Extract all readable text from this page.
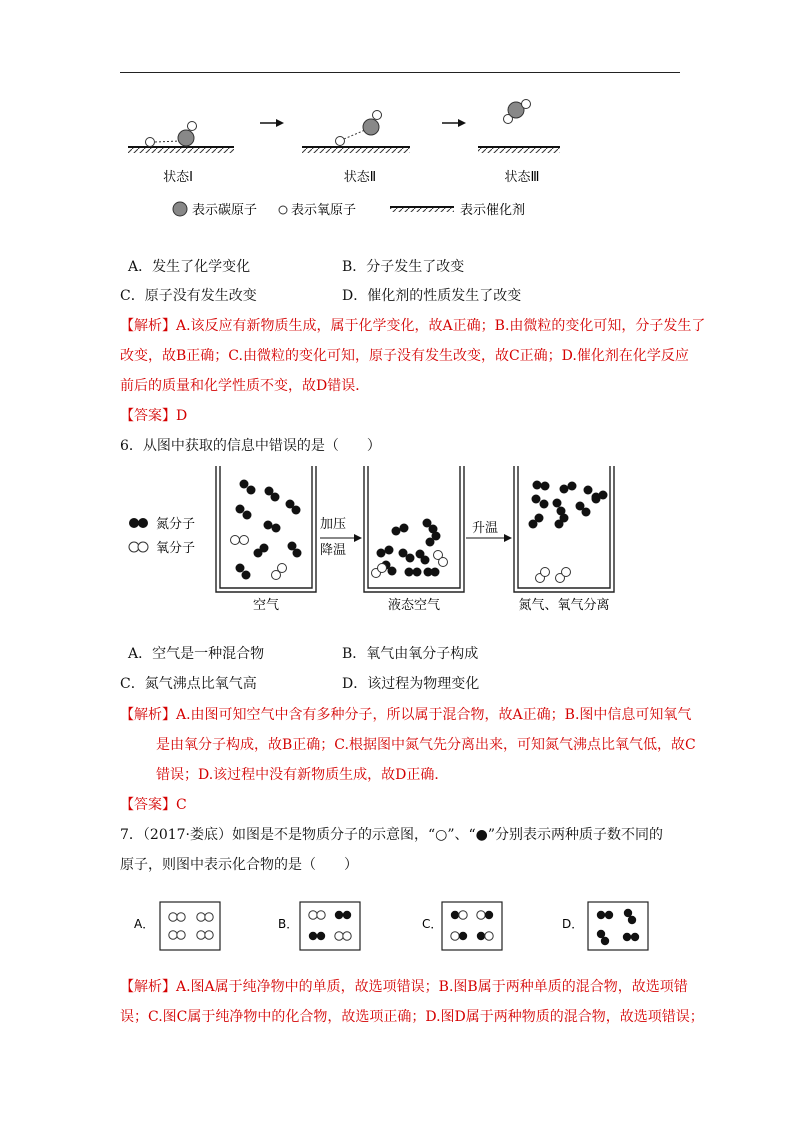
状态Ⅰ	状态Ⅱ	状态Ⅲ
表示碳原子	表示氧原子	表示催化剂
A．发生了化学变化	B．分子发生了改变
C．原子没有发生改变	D．催化剂的性质发生了改变
【解析】A.该反应有新物质生成，属于化学变化，故A正确；B.由微粒的变化可知，分子发生了
改变，故B正确；C.由微粒的变化可知，原子没有发生改变，故C正确；D.催化剂在化学反应
前后的质量和化学性质不变，故D错误．
【答案】D
6．从图中获取的信息中错误的是（　　）
氮分子
氧分子
加压
降温
升温
空气	液态空气	氮气、氧气分离
A．空气是一种混合物	B．氧气由氧分子构成
C．氮气沸点比氧气高	D．该过程为物理变化
【解析】A.由图可知空气中含有多种分子，所以属于混合物，故A正确；B.图中信息可知氧气
是由氧分子构成，故B正确；C.根据图中氮气先分离出来，可知氮气沸点比氧气低，故C
错误；D.该过程中没有新物质生成，故D正确．
【答案】C
7．（2017·娄底）如图是不是物质分子的示意图，“○”、“●”分别表示两种质子数不同的
原子，则图中表示化合物的是（　　）
A．	B．	C．	D．
【解析】A.图A属于纯净物中的单质，故选项错误；B.图B属于两种单质的混合物，故选项错
误；C.图C属于纯净物中的化合物，故选项正确；D.图D属于两种物质的混合物，故选项错误；
